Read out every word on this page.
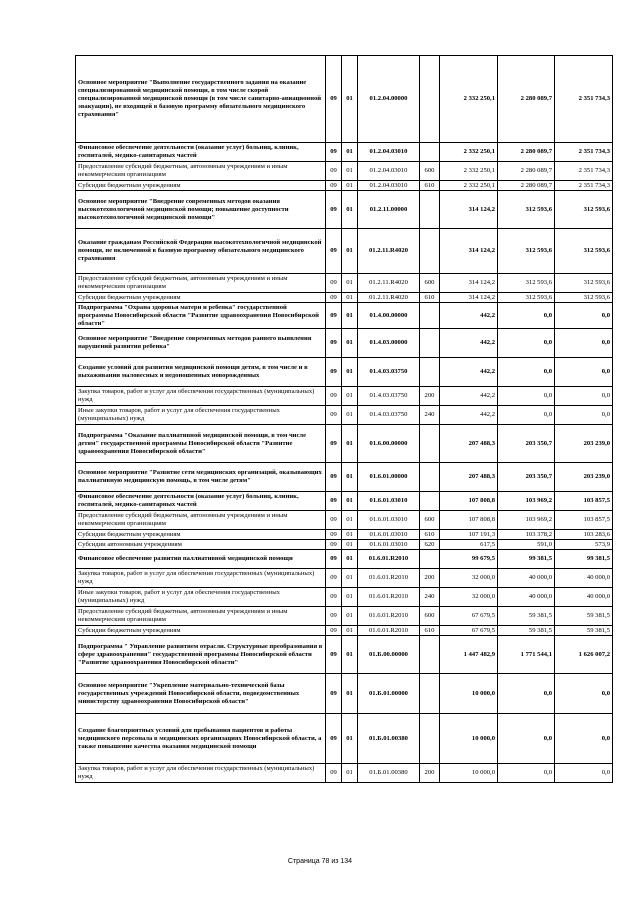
Основное мероприятие "Выполнение государственного задания на оказание специализированной медицинской помощи, в том числе скорой специализированной медицинской помощи (в том числе санитарно-авиационной эвакуации), не входящей в базовую программу обязательного медицинского страхования"	09	01	01.2.04.00000		2 332 250,1	2 280 089,7	2 351 734,3
Финансовое обеспечение деятельности (оказание услуг) больниц, клиник, госпиталей, медико-санитарных частей	09	01	01.2.04.03010		2 332 250,1	2 280 089,7	2 351 734,3
Предоставление субсидий бюджетным, автономным учреждениям и иным некоммерческим организациям	09	01	01.2.04.03010	600	2 332 250,1	2 280 089,7	2 351 734,3
Субсидии бюджетным учреждениям	09	01	01.2.04.03010	610	2 332 250,1	2 280 089,7	2 351 734,3
Основное мероприятие "Внедрение современных методов оказания высокотехнологичной медицинской помощи; повышение доступности высокотехнологичной медицинской помощи"	09	01	01.2.11.00000		314 124,2	312 593,6	312 593,6
Оказание гражданам Российской Федерации высокотехнологичной медицинской помощи, не включенной в базовую программу обязательного медицинского страхования	09	01	01.2.11.R4020		314 124,2	312 593,6	312 593,6
Предоставление субсидий бюджетным, автономным учреждениям и иным некоммерческим организациям	09	01	01.2.11.R4020	600	314 124,2	312 593,6	312 593,6
Субсидии бюджетным учреждениям	09	01	01.2.11.R4020	610	314 124,2	312 593,6	312 593,6
Подпрограмма "Охрана здоровья матери и ребенка" государственной программы Новосибирской области "Развитие здравоохранения Новосибирской области"	09	01	01.4.00.00000		442,2	0,0	0,0
Основное мероприятие "Внедрение современных методов раннего выявления нарушений развития ребенка"	09	01	01.4.03.00000		442,2	0,0	0,0
Создание условий для развития медицинской помощи детям, в том числе и в выхаживании маловесных и недоношенных новорожденных	09	01	01.4.03.03750		442,2	0,0	0,0
Закупка товаров, работ и услуг для обеспечения государственных (муниципальных) нужд	09	01	01.4.03.03750	200	442,2	0,0	0,0
Иные закупки товаров, работ и услуг для обеспечения государственных (муниципальных) нужд	09	01	01.4.03.03750	240	442,2	0,0	0,0
Подпрограмма "Оказание паллиативной медицинской помощи, в том числе детям" государственной программы Новосибирской области "Развитие здравоохранения Новосибирской области"	09	01	01.6.00.00000		207 488,3	203 350,7	203 239,0
Основное мероприятие "Развитие сети медицинских организаций, оказывающих паллиативную медицинскую помощь, в том числе детям"	09	01	01.6.01.00000		207 488,3	203 350,7	203 239,0
Финансовое обеспечение деятельности (оказание услуг) больниц, клиник, госпиталей, медико-санитарных частей	09	01	01.6.01.03010		107 808,8	103 969,2	103 857,5
Предоставление субсидий бюджетным, автономным учреждениям и иным некоммерческим организациям	09	01	01.6.01.03010	600	107 808,8	103 969,2	103 857,5
Субсидии бюджетным учреждениям	09	01	01.6.01.03010	610	107 191,3	103 378,2	103 283,6
Субсидии автономным учреждениям	09	01	01.6.01.03010	620	617,5	591,0	573,9
Финансовое обеспечение развития паллиативной медицинской помощи	09	01	01.6.01.R2010		99 679,5	99 381,5	99 381,5
Закупка товаров, работ и услуг для обеспечения государственных (муниципальных) нужд	09	01	01.6.01.R2010	200	32 000,0	40 000,0	40 000,0
Иные закупки товаров, работ и услуг для обеспечения государственных (муниципальных) нужд	09	01	01.6.01.R2010	240	32 000,0	40 000,0	40 000,0
Предоставление субсидий бюджетным, автономным учреждениям и иным некоммерческим организациям	09	01	01.6.01.R2010	600	67 679,5	59 381,5	59 381,5
Субсидии бюджетным учреждениям	09	01	01.6.01.R2010	610	67 679,5	59 381,5	59 381,5
Подпрограмма " Управление развитием отрасли. Структурные преобразования в сфере здравоохранения" государственной программы Новосибирской области "Развитие здравоохранения Новосибирской области"	09	01	01.Б.00.00000		1 447 482,9	1 771 544,1	1 626 007,2
Основное мероприятие "Укрепление материально-технической базы государственных учреждений Новосибирской области, подведомственных министерству здравоохранения Новосибирской области"	09	01	01.Б.01.00000		10 000,0	0,0	0,0
Создание благоприятных условий для пребывания пациентов и работы медицинского персонала в медицинских организациях Новосибирской области, а также повышение качества оказания медицинской помощи	09	01	01.Б.01.00380		10 000,0	0,0	0,0
Закупка товаров, работ и услуг для обеспечения государственных (муниципальных) нужд	09	01	01.Б.01.00380	200	10 000,0	0,0	0,0
Страница 78 из 134
